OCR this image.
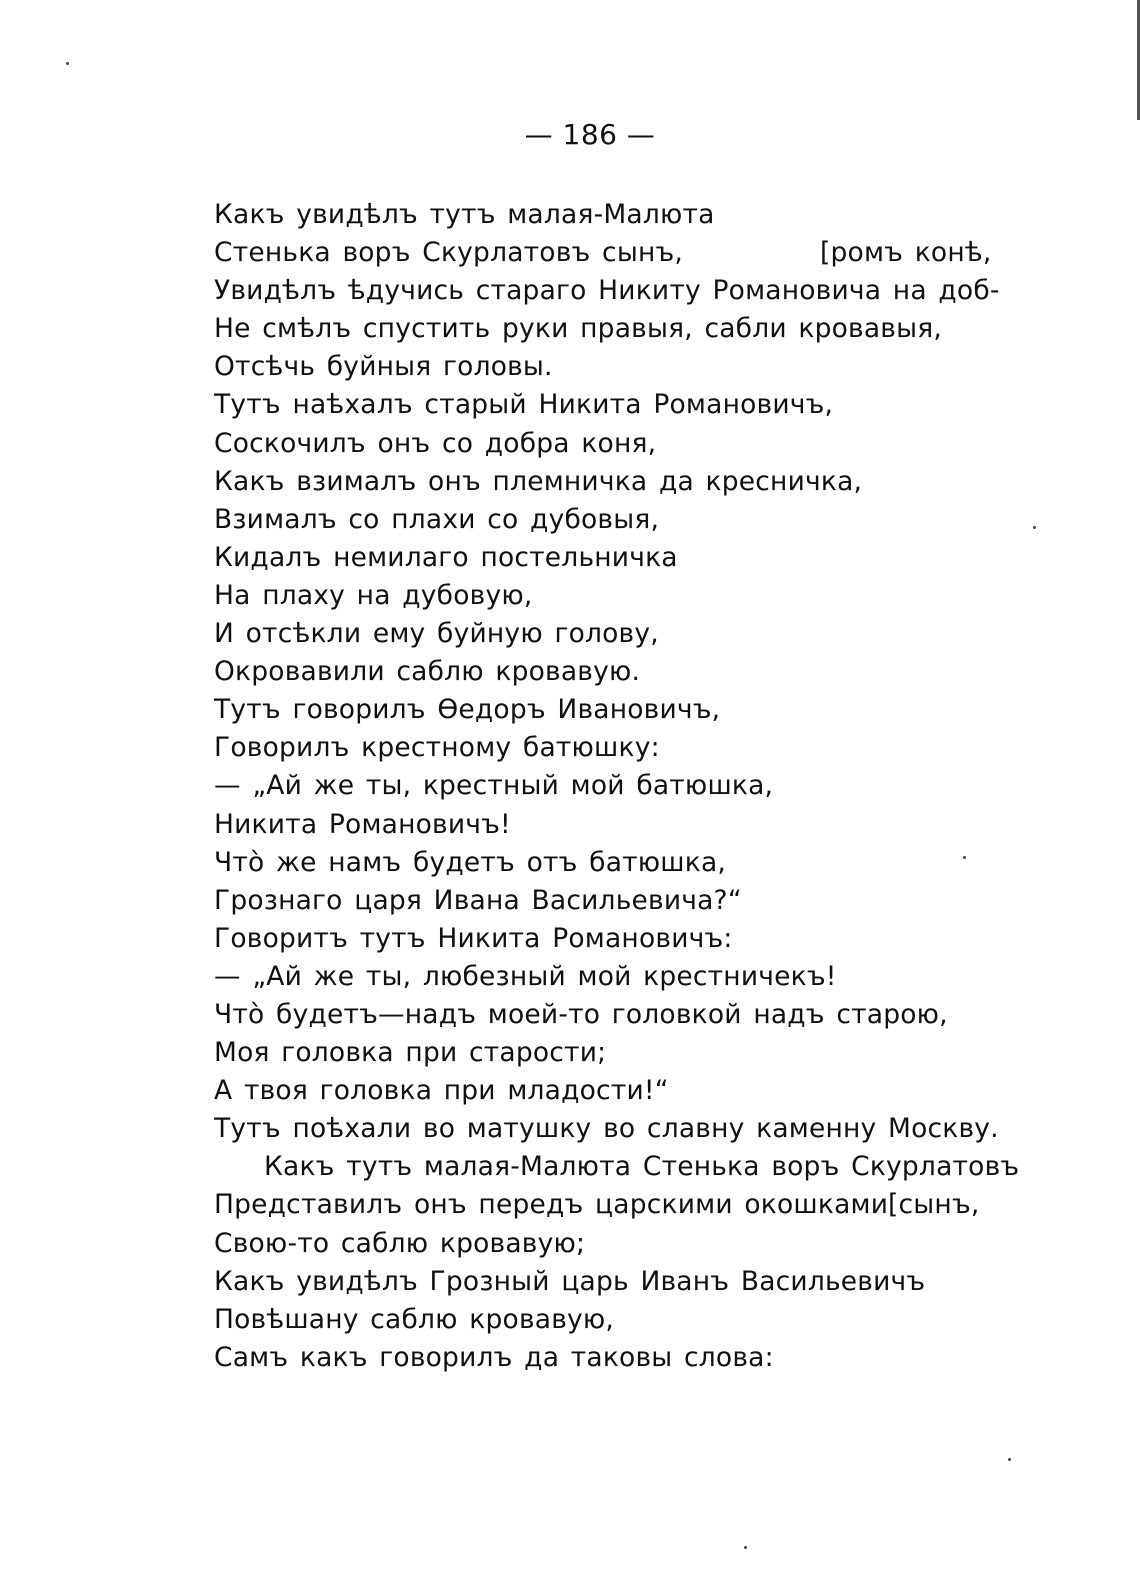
— 186 —
Какъ увидѣлъ тутъ малая-Малюта
Стенька воръ Скурлатовъ сынъ,	[ромъ конѣ,
Увидѣлъ ѣдучись стараго Никиту Романовича на доб-
Не смѣлъ спустить руки правыя, сабли кровавыя,
Отсѣчь буйныя головы.
Тутъ наѣхалъ старый Никита Романовичъ,
Соскочилъ онъ со добра коня,
Какъ взималъ онъ племничка да кресничка,
Взималъ со плахи со дубовыя,
Кидалъ немилаго постельничка
На плаху на дубовую,
И отсѣкли ему буйную голову,
Окровавили саблю кровавую.
Тутъ говорилъ Ѳедоръ Ивановичъ,
Говорилъ крестному батюшку:
— „Ай же ты, крестный мой батюшка,
Никита Романовичъ!
Чтò же намъ будетъ отъ батюшка,
Грознаго царя Ивана Васильевича?“
Говоритъ тутъ Никита Романовичъ:
— „Ай же ты, любезный мой крестничекъ!
Чтò будетъ—надъ моей-то головкой надъ старою,
Моя головка при старости;
А твоя головка при младости!“
Тутъ поѣхали во матушку во славну каменну Москву.
Какъ тутъ малая-Малюта Стенька воръ Скурлатовъ
Представилъ онъ передъ царскими окошками [сынъ,
Свою-то саблю кровавую;
Какъ увидѣлъ Грозный царь Иванъ Васильевичъ
Повѣшану саблю кровавую,
Самъ какъ говорилъ да таковы слова:
